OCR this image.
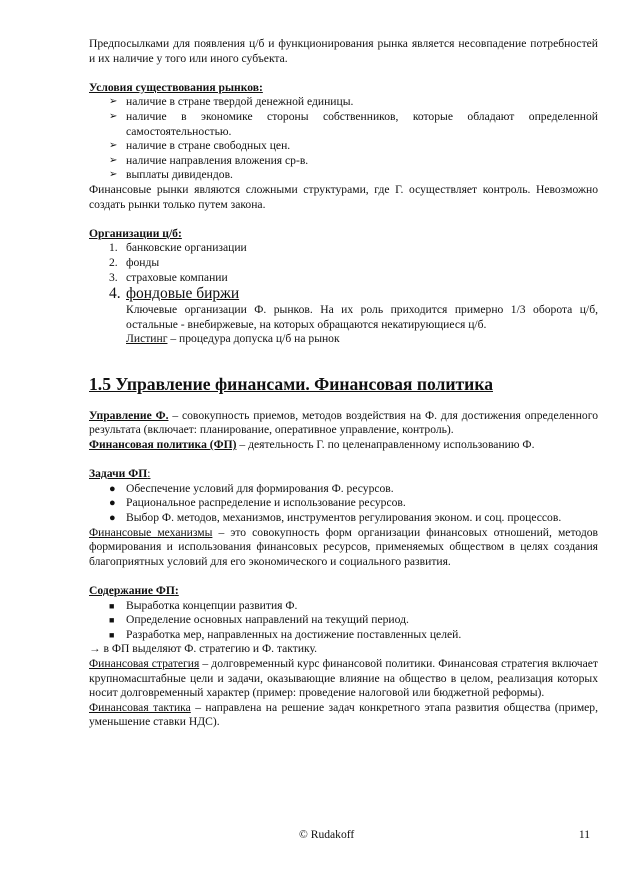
Предпосылками для появления ц/б и функционирования рынка является несовпадение потребностей и их наличие у того или иного субъекта.

Условия существования рынков:
➢ наличие в стране твердой денежной единицы.
➢ наличие в экономике стороны собственников, которые обладают определенной самостоятельностью.
➢ наличие в стране свободных цен.
➢ наличие направления вложения ср-в.
➢ выплаты дивидендов.

Финансовые рынки являются сложными структурами, где Г. осуществляет контроль. Невозможно создать рынки только путем закона.

Организации ц/б:
1. банковские организации
2. фонды
3. страховые компании
4. фондовые биржи

Ключевые организации Ф. рынков. На их роль приходится примерно 1/3 оборота ц/б, остальные - внебиржевые, на которых обращаются некатирующиеся ц/б.

Листинг – процедура допуска ц/б на рынок

1.5 Управление финансами. Финансовая политика

Управление Ф. – совокупность приемов, методов воздействия на Ф. для достижения определенного результата (включает: планирование, оперативное управление, контроль).

Финансовая политика (ФП) – деятельность Г. по целенаправленному использованию Ф.

Задачи ФП:
● Обеспечение условий для формирования Ф. ресурсов.
● Рациональное распределение и использование ресурсов.
● Выбор Ф. методов, механизмов, инструментов регулирования эконом. и соц. процессов.

Финансовые механизмы – это совокупность форм организации финансовых отношений, методов формирования и использования финансовых ресурсов, применяемых обществом в целях создания благоприятных условий для его экономического и социального развития.

Содержание ФП:
■ Выработка концепции развития Ф.
■ Определение основных направлений на текущий период.
■ Разработка мер, направленных на достижение поставленных целей.

→ в ФП выделяют Ф. стратегию и Ф. тактику.

Финансовая стратегия – долговременный курс финансовой политики. Финансовая стратегия включает крупномасштабные цели и задачи, оказывающие влияние на общество в целом, реализация которых носит долговременный характер (пример: проведение налоговой или бюджетной реформы).

Финансовая тактика – направлена на решение задач конкретного этапа развития общества (пример, уменьшение ставки НДС).

© Rudakoff	11
